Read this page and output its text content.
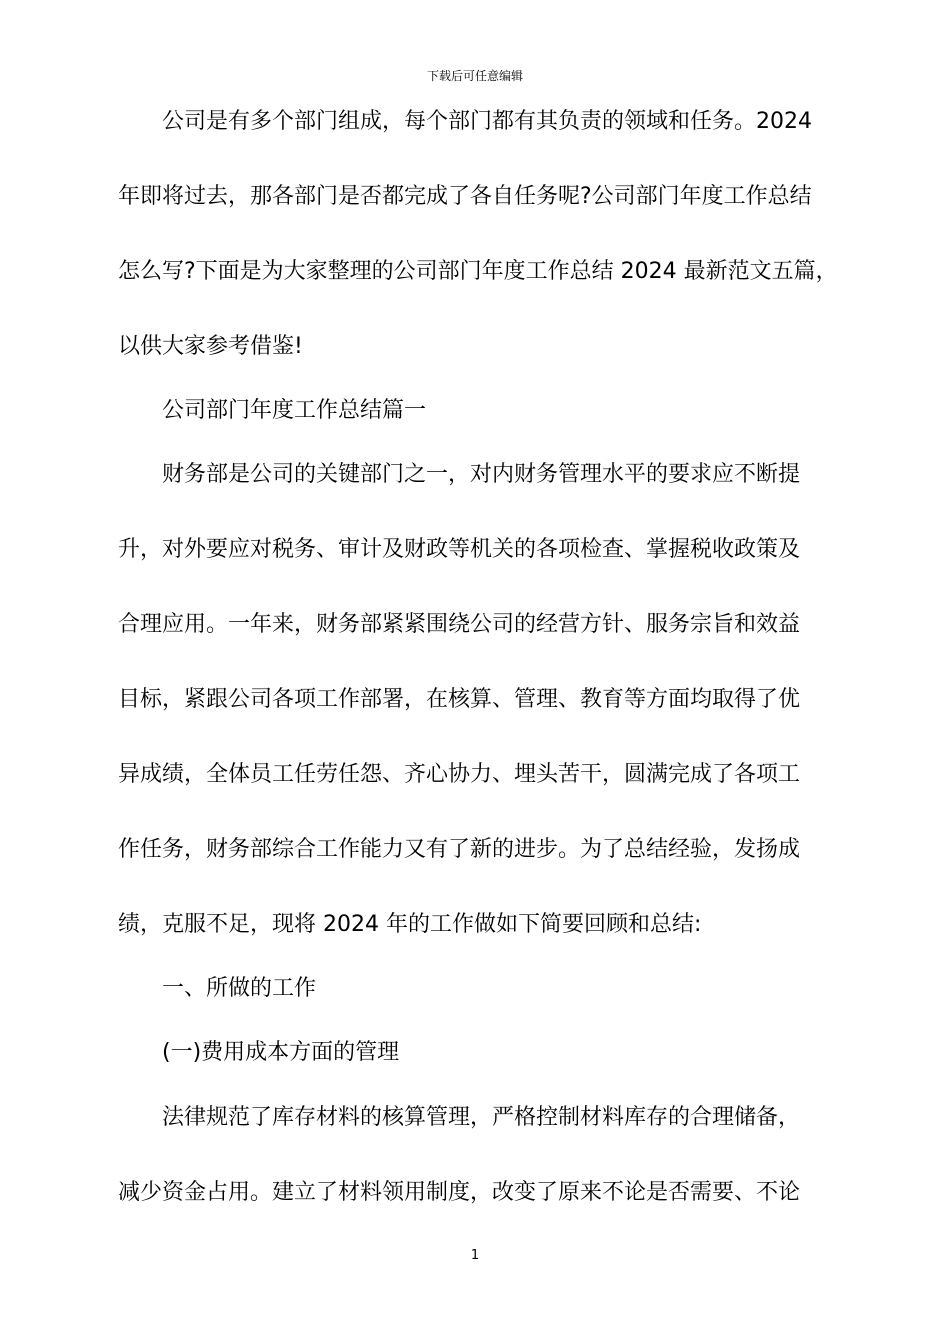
下载后可任意编辑
公司是有多个部门组成，每个部门都有其负责的领域和任务。2024
年即将过去，那各部门是否都完成了各自任务呢?公司部门年度工作总结
怎么写?下面是为大家整理的公司部门年度工作总结 2024 最新范文五篇，
以供大家参考借鉴!
公司部门年度工作总结篇一
财务部是公司的关键部门之一，对内财务管理水平的要求应不断提
升，对外要应对税务、审计及财政等机关的各项检查、掌握税收政策及
合理应用。一年来，财务部紧紧围绕公司的经营方针、服务宗旨和效益
目标，紧跟公司各项工作部署，在核算、管理、教育等方面均取得了优
异成绩，全体员工任劳任怨、齐心协力、埋头苦干，圆满完成了各项工
作任务，财务部综合工作能力又有了新的进步。为了总结经验，发扬成
绩，克服不足，现将 2024 年的工作做如下简要回顾和总结:
一、所做的工作
(一)费用成本方面的管理
法律规范了库存材料的核算管理，严格控制材料库存的合理储备，
减少资金占用。建立了材料领用制度，改变了原来不论是否需要、不论
1
